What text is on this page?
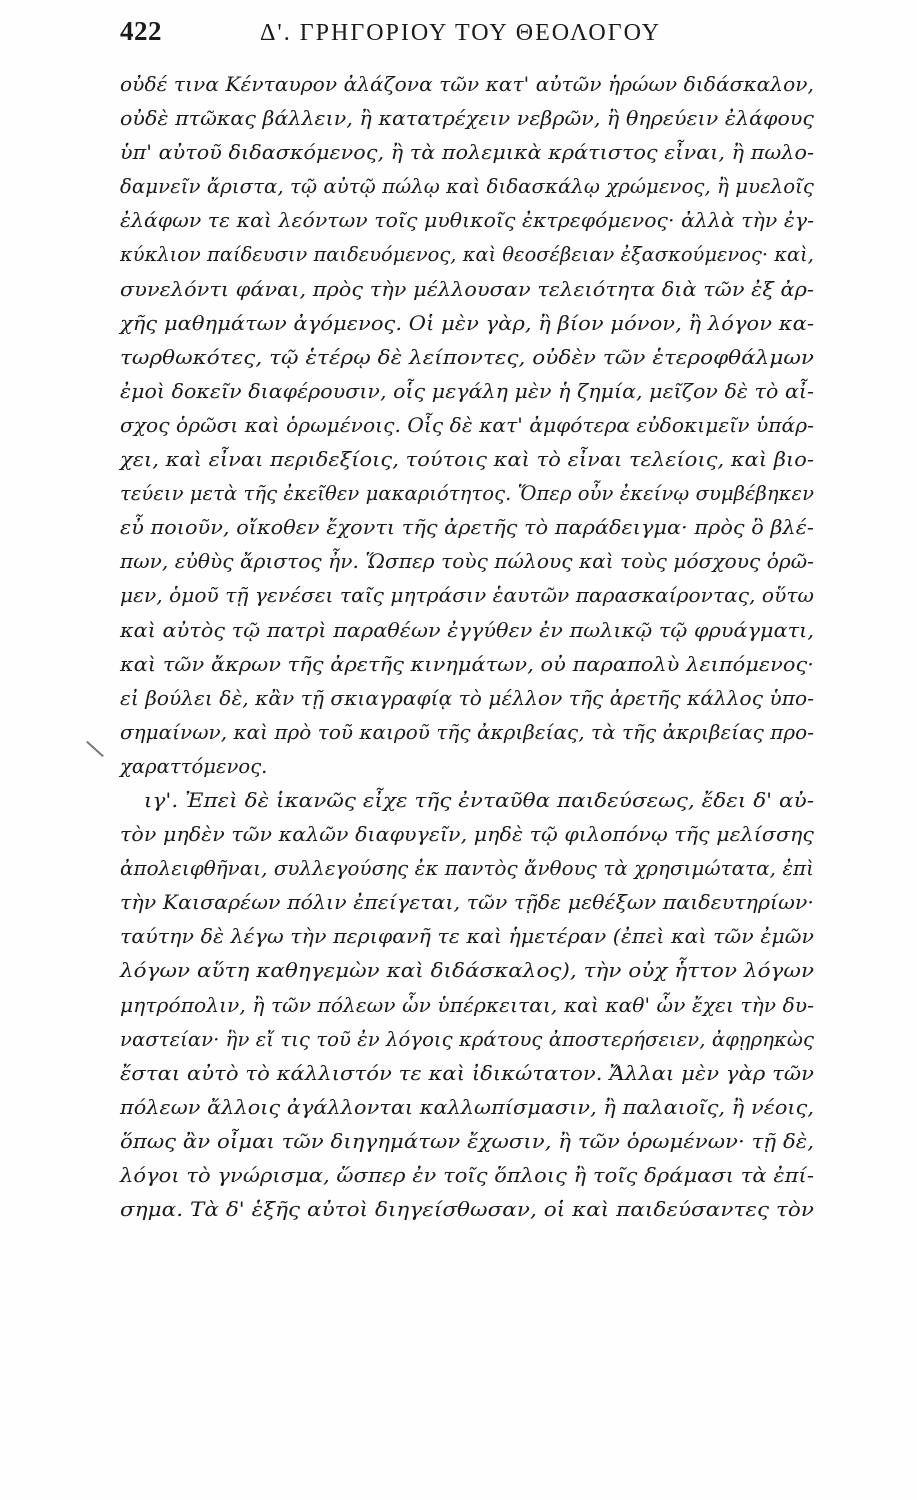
422	Δ'. ΓΡΗΓΟΡΙΟΥ ΤΟΥ ΘΕΟΛΟΓΟΥ
οὐδέ τινα Κένταυρον ἀλάζονα τῶν κατ' αὐτῶν ἡρώων διδάσκαλον,
οὐδὲ πτῶκας βάλλειν, ἢ κατατρέχειν νεβρῶν, ἢ θηρεύειν ἐλάφους
ὑπ' αὐτοῦ διδασκόμενος, ἢ τὰ πολεμικὰ κράτιστος εἶναι, ἢ πωλο-
δαμνεῖν ἄριστα, τῷ αὐτῷ πώλῳ καὶ διδασκάλῳ χρώμενος, ἢ μυελοῖς
ἐλάφων τε καὶ λεόντων τοῖς μυθικοῖς ἐκτρεφόμενος· ἀλλὰ τὴν ἐγ-
κύκλιον παίδευσιν παιδευόμενος, καὶ θεοσέβειαν ἐξασκούμενος· καὶ,
συνελόντι φάναι, πρὸς τὴν μέλλουσαν τελειότητα διὰ τῶν ἐξ ἀρ-
χῆς μαθημάτων ἀγόμενος. Οἱ μὲν γὰρ, ἢ βίον μόνον, ἢ λόγον κα-
τωρθωκότες, τῷ ἑτέρῳ δὲ λείποντες, οὐδὲν τῶν ἑτεροφθάλμων
ἐμοὶ δοκεῖν διαφέρουσιν, οἷς μεγάλη μὲν ἡ ζημία, μεῖζον δὲ τὸ αἶ-
σχος ὁρῶσι καὶ ὁρωμένοις. Οἷς δὲ κατ' ἀμφότερα εὐδοκιμεῖν ὑπάρ-
χει, καὶ εἶναι περιδεξίοις, τούτοις καὶ τὸ εἶναι τελείοις, καὶ βιο-
τεύειν μετὰ τῆς ἐκεῖθεν μακαριότητος. Ὅπερ οὖν ἐκείνῳ συμβέβηκεν
εὖ ποιοῦν, οἴκοθεν ἔχοντι τῆς ἀρετῆς τὸ παράδειγμα· πρὸς ὃ βλέ-
πων, εὐθὺς ἄριστος ἦν. Ὥσπερ τοὺς πώλους καὶ τοὺς μόσχους ὁρῶ-
μεν, ὁμοῦ τῇ γενέσει ταῖς μητράσιν ἑαυτῶν παρασκαίροντας, οὕτω
καὶ αὐτὸς τῷ πατρὶ παραθέων ἐγγύθεν ἐν πωλικῷ τῷ φρυάγματι,
καὶ τῶν ἄκρων τῆς ἀρετῆς κινημάτων, οὐ παραπολὺ λειπόμενος·
εἰ βούλει δὲ, κἂν τῇ σκιαγραφίᾳ τὸ μέλλον τῆς ἀρετῆς κάλλος ὑπο-
σημαίνων, καὶ πρὸ τοῦ καιροῦ τῆς ἀκριβείας, τὰ τῆς ἀκριβείας προ-
χαραττόμενος.
ιγ'. Ἐπεὶ δὲ ἱκανῶς εἶχε τῆς ἐνταῦθα παιδεύσεως, ἔδει δ' αὐ-
τὸν μηδὲν τῶν καλῶν διαφυγεῖν, μηδὲ τῷ φιλοπόνῳ τῆς μελίσσης
ἀπολειφθῆναι, συλλεγούσης ἐκ παντὸς ἄνθους τὰ χρησιμώτατα, ἐπὶ
τὴν Καισαρέων πόλιν ἐπείγεται, τῶν τῇδε μεθέξων παιδευτηρίων·
ταύτην δὲ λέγω τὴν περιφανῆ τε καὶ ἡμετέραν (ἐπεὶ καὶ τῶν ἐμῶν
λόγων αὕτη καθηγεμὼν καὶ διδάσκαλος), τὴν οὐχ ἧττον λόγων
μητρόπολιν, ἢ τῶν πόλεων ὧν ὑπέρκειται, καὶ καθ' ὧν ἔχει τὴν δυ-
ναστείαν· ἣν εἴ τις τοῦ ἐν λόγοις κράτους ἀποστερήσειεν, ἀφῃρηκὼς
ἔσται αὐτὸ τὸ κάλλιστόν τε καὶ ἰδικώτατον. Ἄλλαι μὲν γὰρ τῶν
πόλεων ἄλλοις ἀγάλλονται καλλωπίσμασιν, ἢ παλαιοῖς, ἢ νέοις,
ὅπως ἂν οἶμαι τῶν διηγημάτων ἔχωσιν, ἢ τῶν ὁρωμένων· τῇ δὲ,
λόγοι τὸ γνώρισμα, ὥσπερ ἐν τοῖς ὅπλοις ἢ τοῖς δράμασι τὰ ἐπί-
σημα. Τὰ δ' ἑξῆς αὐτοὶ διηγείσθωσαν, οἱ καὶ παιδεύσαντες τὸν
